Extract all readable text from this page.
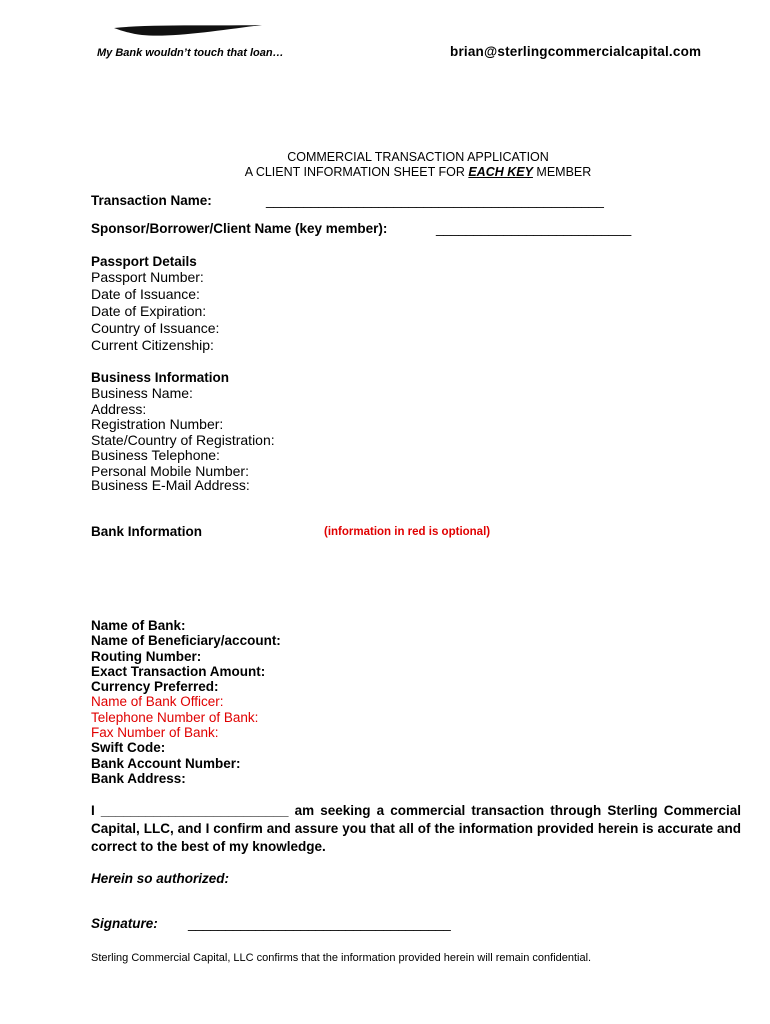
My Bank wouldn’t touch that loan…	brian@sterlingcommercialcapital.com
COMMERCIAL TRANSACTION APPLICATION
A CLIENT INFORMATION SHEET FOR EACH KEY MEMBER
Transaction Name:	_____________________________________________
Sponsor/Borrower/Client Name (key member):	__________________________
Passport Details
Passport Number:
Date of Issuance:
Date of Expiration:
Country of Issuance:
Current Citizenship:
Business Information
Business Name:
Address:
Registration Number:
State/Country of Registration:
Business Telephone:
Personal Mobile Number:
Business E-Mail Address:
Bank Information	(information in red is optional)
Name of Bank:
Name of Beneficiary/account:
Routing Number:
Exact Transaction Amount:
Currency Preferred:
Name of Bank Officer:
Telephone Number of Bank:
Fax Number of Bank:
Swift Code:
Bank Account Number:
Bank Address:
I _________________________ am seeking a commercial transaction through Sterling Commercial Capital, LLC, and I confirm and assure you that all of the information provided herein is accurate and correct to the best of my knowledge.
Herein so authorized:
Signature: ___________________________________
Sterling Commercial Capital, LLC confirms that the information provided herein will remain confidential.
